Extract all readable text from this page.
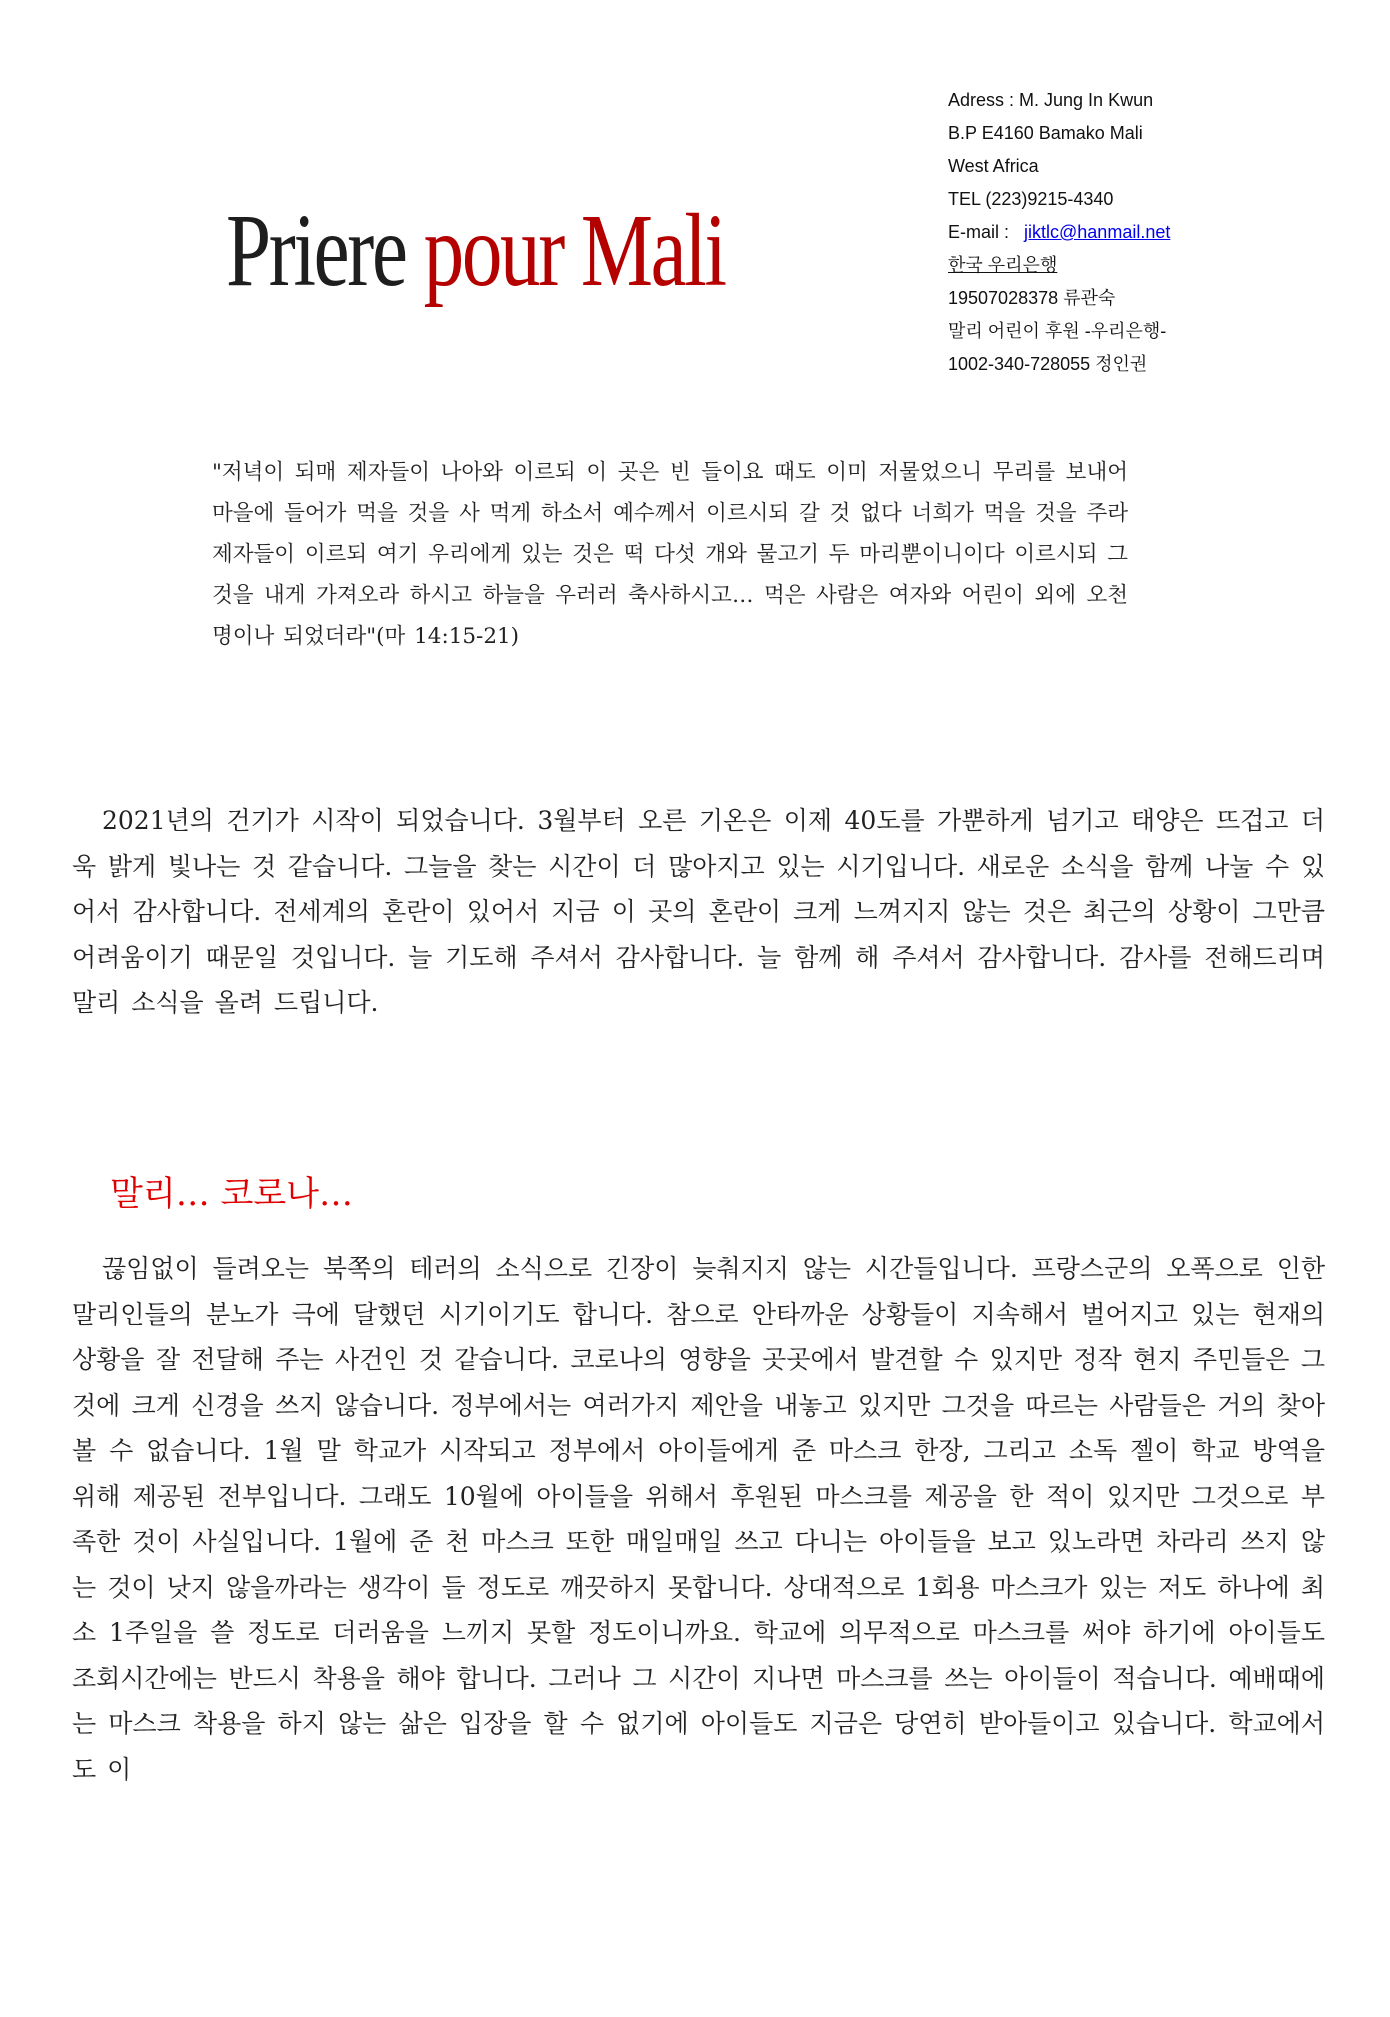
Priere pour Mali
Adress : M. Jung In Kwun
B.P E4160 Bamako Mali
West Africa
TEL (223)9215-4340
E-mail :   jiktlc@hanmail.net
한국 우리은행
19507028378 류관숙
말리 어린이 후원 -우리은행-
1002-340-728055 정인권

"저녁이 되매 제자들이 나아와 이르되 이 곳은 빈 들이요 때도 이미 저물었으니 무리를 보내어 마을에 들어가 먹을 것을 사 먹게 하소서 예수께서 이르시되 갈 것 없다 너희가 먹을 것을 주라 제자들이 이르되 여기 우리에게 있는 것은 떡 다섯 개와 물고기 두 마리뿐이니이다 이르시되 그것을 내게 가져오라 하시고 하늘을 우러러 축사하시고… 먹은 사람은 여자와 어린이 외에 오천명이나 되었더라"(마 14:15-21)

2021년의 건기가 시작이 되었습니다. 3월부터 오른 기온은 이제 40도를 가뿐하게 넘기고 태양은 뜨겁고 더욱 밝게 빛나는 것 같습니다. 그늘을 찾는 시간이 더 많아지고 있는 시기입니다. 새로운 소식을 함께 나눌 수 있어서 감사합니다. 전세계의 혼란이 있어서 지금 이 곳의 혼란이 크게 느껴지지 않는 것은 최근의 상황이 그만큼 어려움이기 때문일 것입니다. 늘 기도해 주셔서 감사합니다. 늘 함께 해 주셔서 감사합니다. 감사를 전해드리며 말리 소식을 올려 드립니다.

말리… 코로나…

끊임없이 들려오는 북쪽의 테러의 소식으로 긴장이 늦춰지지 않는 시간들입니다. 프랑스군의 오폭으로 인한 말리인들의 분노가 극에 달했던 시기이기도 합니다. 참으로 안타까운 상황들이 지속해서 벌어지고 있는 현재의 상황을 잘 전달해 주는 사건인 것 같습니다. 코로나의 영향을 곳곳에서 발견할 수 있지만 정작 현지 주민들은 그것에 크게 신경을 쓰지 않습니다. 정부에서는 여러가지 제안을 내놓고 있지만 그것을 따르는 사람들은 거의 찾아볼 수 없습니다. 1월 말 학교가 시작되고 정부에서 아이들에게 준 마스크 한장, 그리고 소독 젤이 학교 방역을 위해 제공된 전부입니다. 그래도 10월에 아이들을 위해서 후원된 마스크를 제공을 한 적이 있지만 그것으로 부족한 것이 사실입니다. 1월에 준 천 마스크 또한 매일매일 쓰고 다니는 아이들을 보고 있노라면 차라리 쓰지 않는 것이 낫지 않을까라는 생각이 들 정도로 깨끗하지 못합니다. 상대적으로 1회용 마스크가 있는 저도 하나에 최소 1주일을 쓸 정도로 더러움을 느끼지 못할 정도이니까요. 학교에 의무적으로 마스크를 써야 하기에 아이들도 조회시간에는 반드시 착용을 해야 합니다. 그러나 그 시간이 지나면 마스크를 쓰는 아이들이 적습니다. 예배때에는 마스크 착용을 하지 않는 삶은 입장을 할 수 없기에 아이들도 지금은 당연히 받아들이고 있습니다. 학교에서도 이
